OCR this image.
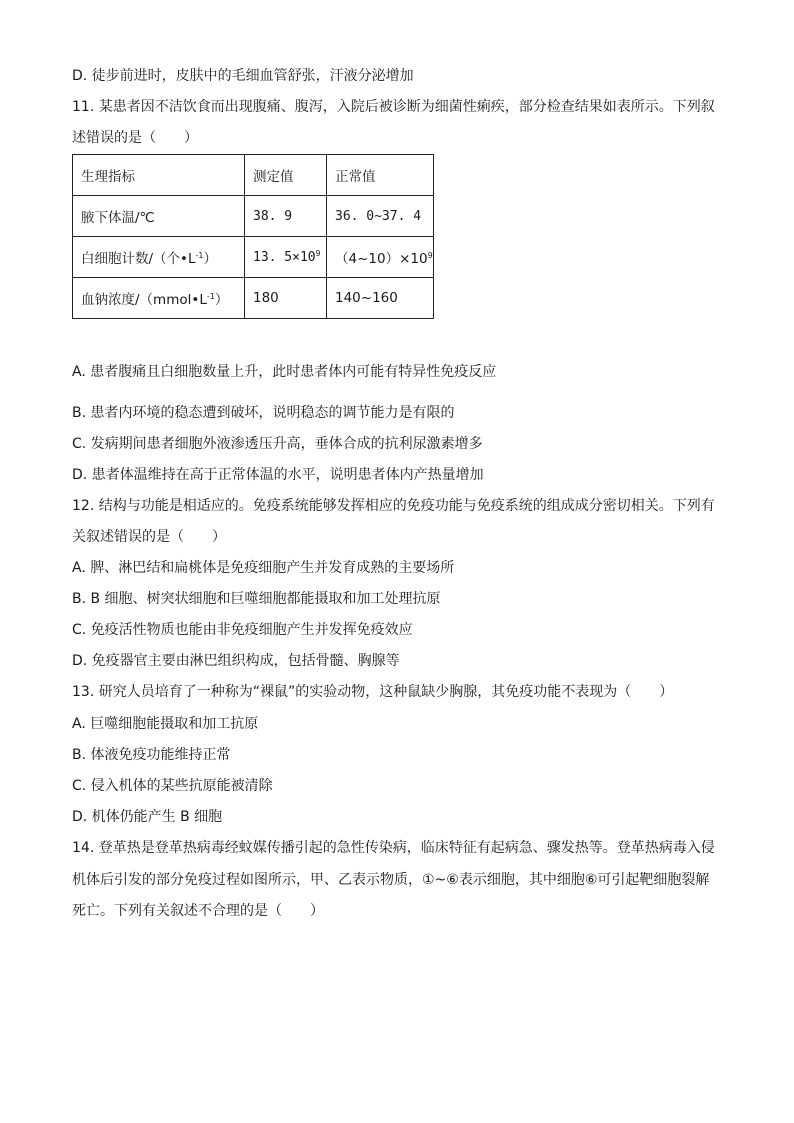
D. 徒步前进时，皮肤中的毛细血管舒张，汗液分泌增加
11. 某患者因不洁饮食而出现腹痛、腹泻，入院后被诊断为细菌性痢疾，部分检查结果如表所示。下列叙
述错误的是（　　）
生理指标	测定值	正常值
腋下体温/℃	38. 9	36. 0~37. 4
白细胞计数/（个$•L^{-1}$）	13. $5\times 10^9$	$(4\sim 10)\times 10^9$
血钠浓度$/(mmol•L^{-1})$	180	140~160
A. 患者腹痛且白细胞数量上升，此时患者体内可能有特异性免疫反应
B. 患者内环境的稳态遭到破坏，说明稳态的调节能力是有限的
C. 发病期间患者细胞外液渗透压升高，垂体合成的抗利尿激素增多
D. 患者体温维持在高于正常体温的水平，说明患者体内产热量增加
12. 结构与功能是相适应的。免疫系统能够发挥相应的免疫功能与免疫系统的组成成分密切相关。下列有
关叙述错误的是（　　）
A. 脾、淋巴结和扁桃体是免疫细胞产生并发育成熟的主要场所
B. B 细胞、树突状细胞和巨噬细胞都能摄取和加工处理抗原
C. 免疫活性物质也能由非免疫细胞产生并发挥免疫效应
D. 免疫器官主要由淋巴组织构成，包括骨髓、胸腺等
13. 研究人员培育了一种称为“裸鼠”的实验动物，这种鼠缺少胸腺，其免疫功能不表现为（　　）
A. 巨噬细胞能摄取和加工抗原
B. 体液免疫功能维持正常
C. 侵入机体的某些抗原能被清除
D. 机体仍能产生 B 细胞
14. 登革热是登革热病毒经蚊媒传播引起的急性传染病，临床特征有起病急、骤发热等。登革热病毒入侵
机体后引发的部分免疫过程如图所示，甲、乙表示物质，①~⑥表示细胞，其中细胞⑥可引起靶细胞裂解
死亡。下列有关叙述不合理的是（　　）
